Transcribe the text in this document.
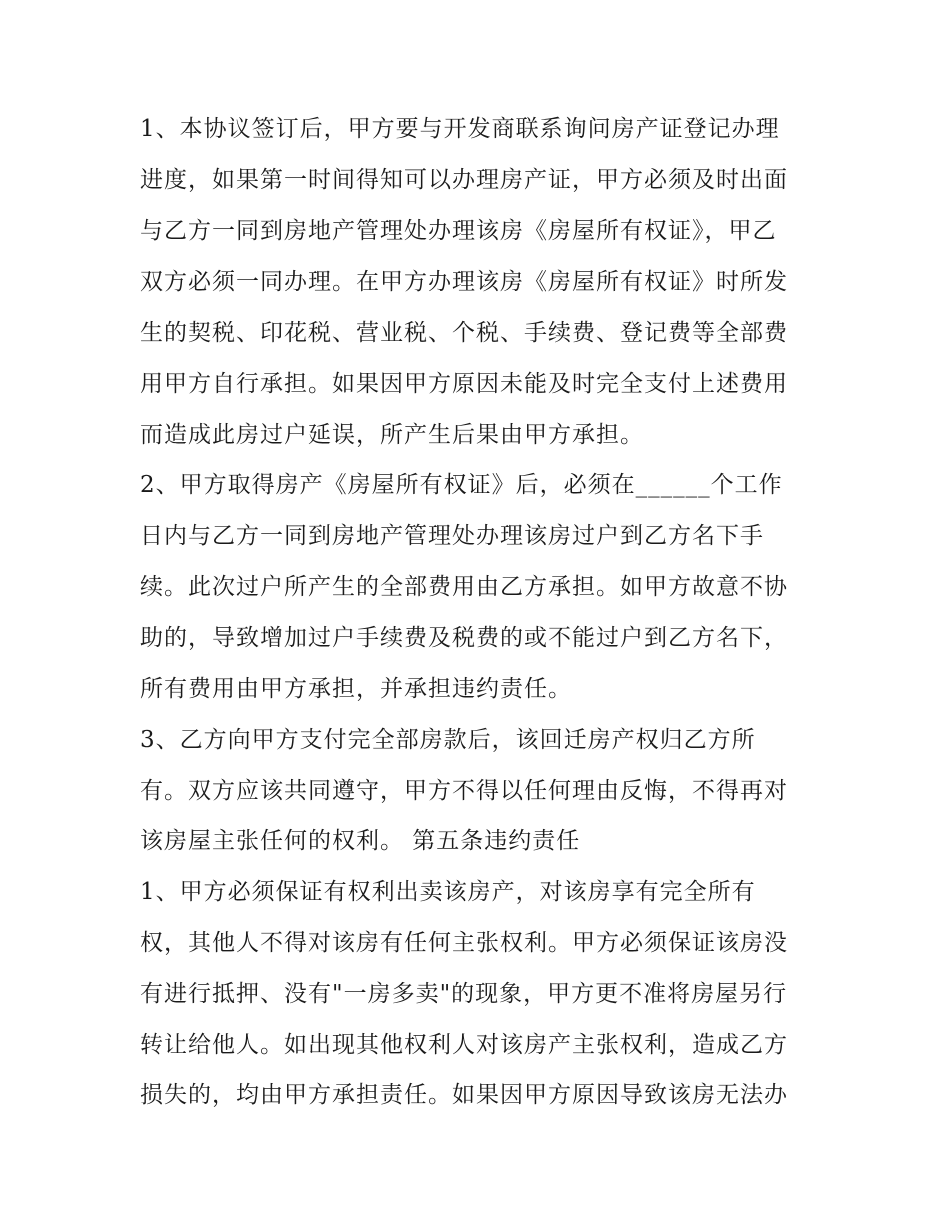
1、本协议签订后，甲方要与开发商联系询问房产证登记办理
进度，如果第一时间得知可以办理房产证，甲方必须及时出面
与乙方一同到房地产管理处办理该房《房屋所有权证》，甲乙
双方必须一同办理。在甲方办理该房《房屋所有权证》时所发
生的契税、印花税、营业税、个税、手续费、登记费等全部费
用甲方自行承担。如果因甲方原因未能及时完全支付上述费用
而造成此房过户延误，所产生后果由甲方承担。
2、甲方取得房产《房屋所有权证》后，必须在______个工作
日内与乙方一同到房地产管理处办理该房过户到乙方名下手
续。此次过户所产生的全部费用由乙方承担。如甲方故意不协
助的，导致增加过户手续费及税费的或不能过户到乙方名下，
所有费用由甲方承担，并承担违约责任。
3、乙方向甲方支付完全部房款后，该回迁房产权归乙方所
有。双方应该共同遵守，甲方不得以任何理由反悔，不得再对
该房屋主张任何的权利。 第五条违约责任
1、甲方必须保证有权利出卖该房产，对该房享有完全所有
权，其他人不得对该房有任何主张权利。甲方必须保证该房没
有进行抵押、没有"一房多卖"的现象，甲方更不准将房屋另行
转让给他人。如出现其他权利人对该房产主张权利，造成乙方
损失的，均由甲方承担责任。如果因甲方原因导致该房无法办
